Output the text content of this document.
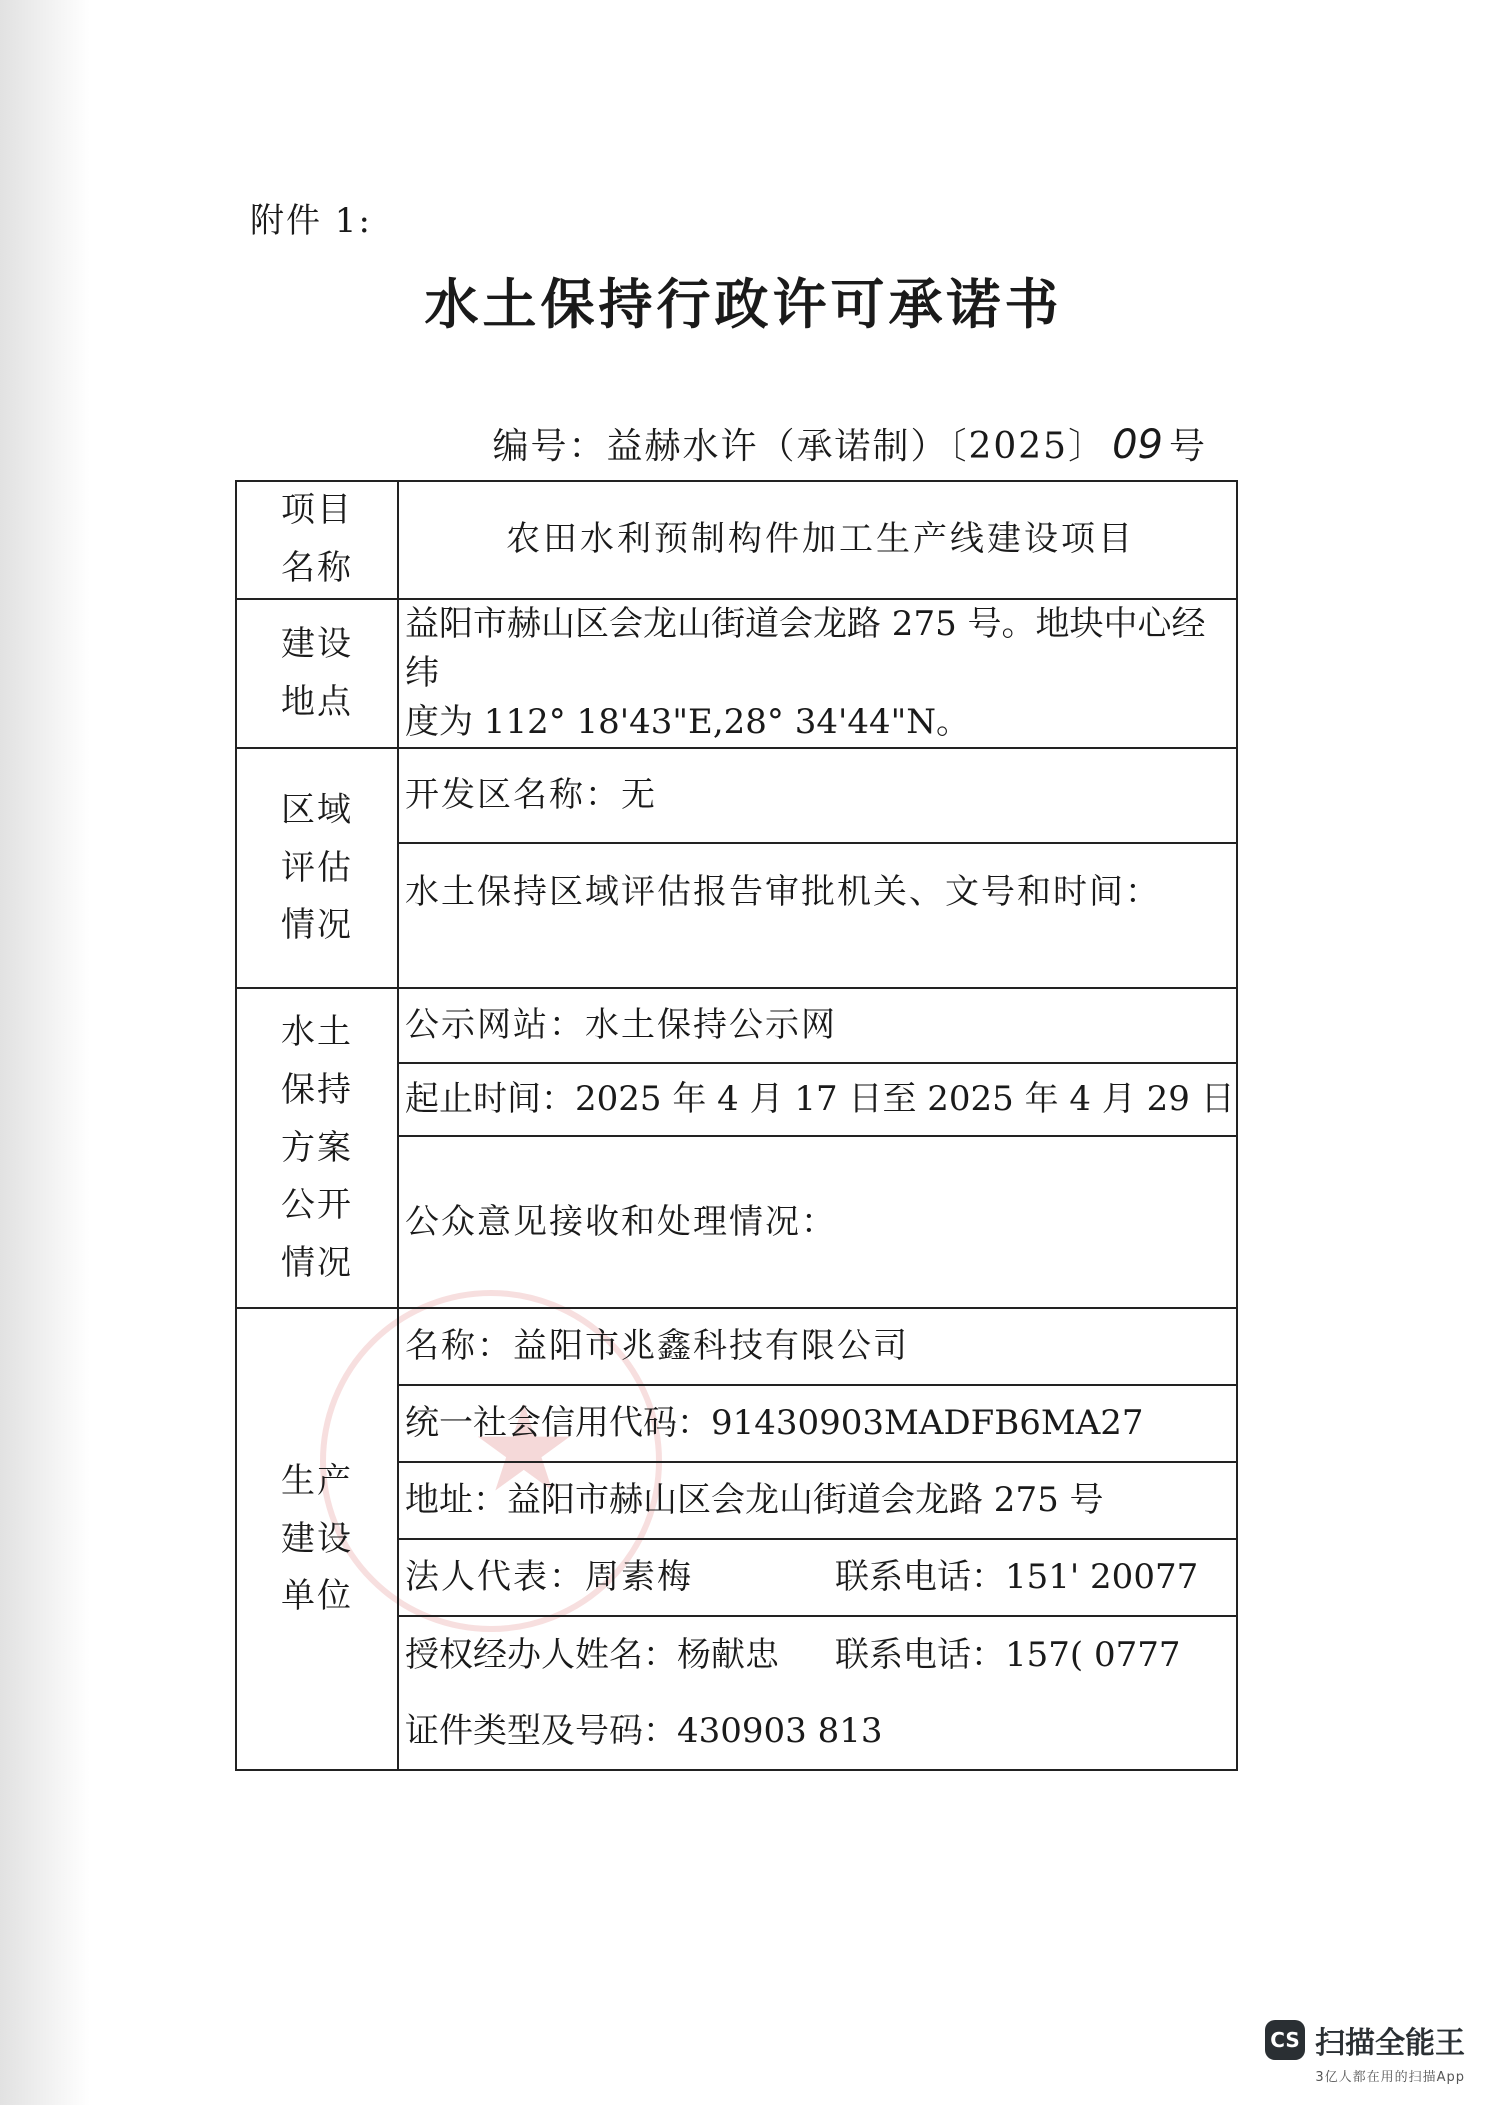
附件 1:
水土保持行政许可承诺书
编号：益赫水许（承诺制）〔2025〕 09 号
★
项目名称	农田水利预制构件加工生产线建设项目
建设地点	益阳市赫山区会龙山街道会龙路 275 号。地块中心经纬
度为 112° 18'43"E,28° 34'44"N。

区域评估情况	开发区名称：无
	水土保持区域评估报告审批机关、文号和时间：
水土保持方案公开情况	公示网站：水土保持公示网
	起止时间：2025 年 4 月 17 日至 2025 年 4 月 29 日
	公众意见接收和处理情况：
生产建设单位	名称：益阳市兆鑫科技有限公司
	统一社会信用代码：91430903MADFB6MA27
	地址：益阳市赫山区会龙山街道会龙路 275 号
	法人代表：周素梅 联系电话：151' 20077
	授权经办人姓名：杨献忠 联系电话：157( 0777
	证件类型及号码：430903 813
CS 扫描全能王
3亿人都在用的扫描App
